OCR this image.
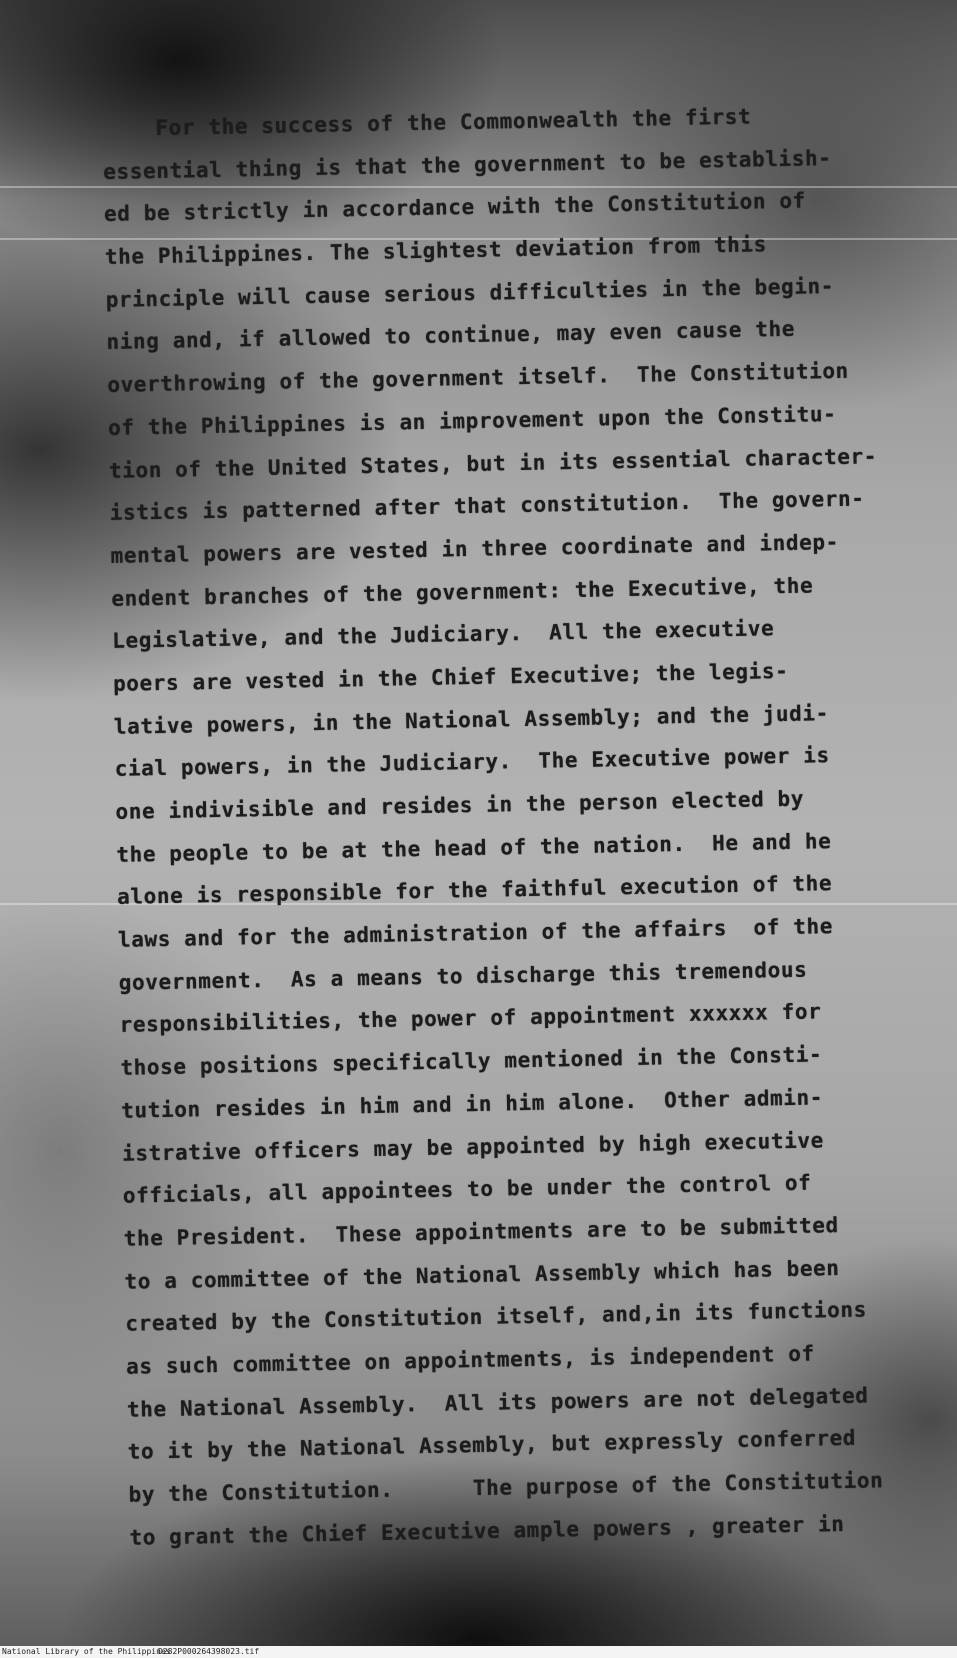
For the success of the Commonwealth the first
essential thing is that the government to be establish-
ed be strictly in accordance with the Constitution of
the Philippines. The slightest deviation from this
principle will cause serious difficulties in the begin-
ning and, if allowed to continue, may even cause the
overthrowing of the government itself.  The Constitution
of the Philippines is an improvement upon the Constitu-
tion of the United States, but in its essential character-
istics is patterned after that constitution.  The govern-
mental powers are vested in three coordinate and indep-
endent branches of the government: the Executive, the
Legislative, and the Judiciary.  All the executive
poers are vested in the Chief Executive; the legis-
lative powers, in the National Assembly; and the judi-
cial powers, in the Judiciary.  The Executive power is
one indivisible and resides in the person elected by
the people to be at the head of the nation.  He and he
alone is responsible for the faithful execution of the
laws and for the administration of the affairs  of the
government.  As a means to discharge this tremendous
responsibilities, the power of appointment xxxxxx for
those positions specifically mentioned in the Consti-
tution resides in him and in him alone.  Other admin-
istrative officers may be appointed by high executive
officials, all appointees to be under the control of
the President.  These appointments are to be submitted
to a committee of the National Assembly which has been
created by the Constitution itself, and,in its functions
as such committee on appointments, is independent of
the National Assembly.  All its powers are not delegated
to it by the National Assembly, but expressly conferred
by the Constitution.      The purpose of the Constitution
to grant the Chief Executive ample powers , greater in

National Library of the Philippines

D282P000264398023.tif
